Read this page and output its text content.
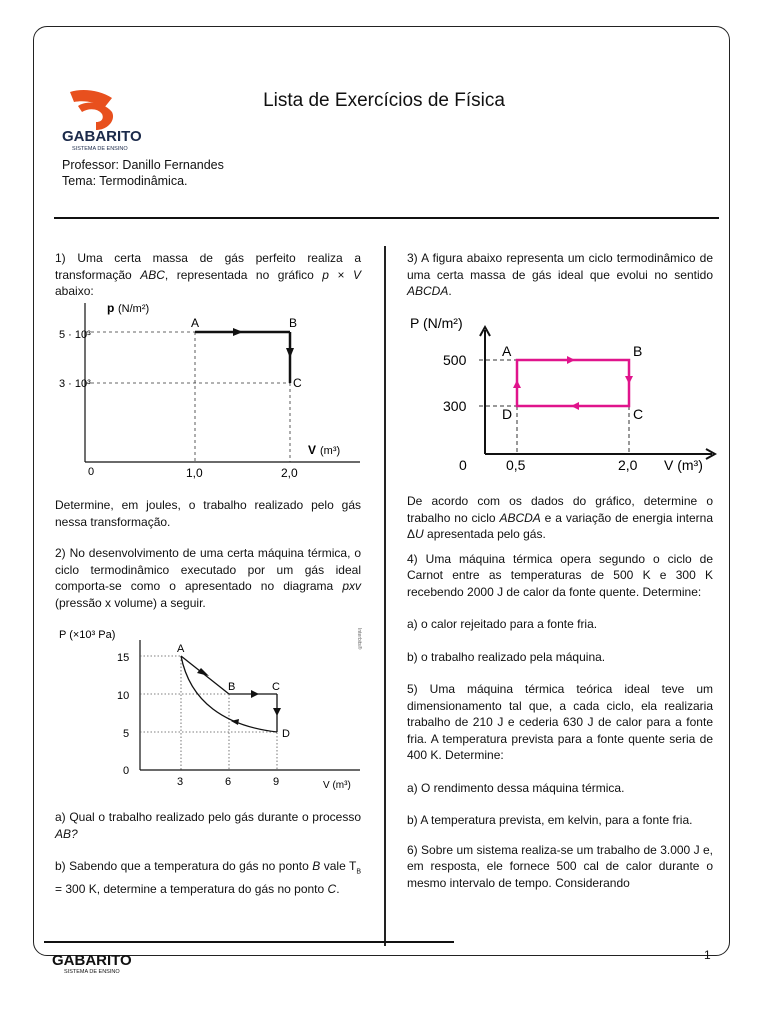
GABARITO
SISTEMA DE ENSINO
Lista de Exercícios de Física
Professor: Danillo Fernandes
Tema: Termodinâmica.

1) Uma certa massa de gás perfeito realiza a transformação ABC, representada no gráfico p × V abaixo:

5 · 10³
3 · 10³
p (N/m²)
V (m³)
0	1,0	2,0
A	B
C

Determine, em joules, o trabalho realizado pelo gás nessa transformação.

2) No desenvolvimento de uma certa máquina térmica, o ciclo termodinâmico executado por um gás ideal comporta-se como o apresentado no diagrama pxv (pressão x volume) a seguir.

P (×10³ Pa)
15
10
5
0
3	6	9	V (m³)
A
B	C
D
Interbits®

a) Qual o trabalho realizado pelo gás durante o processo AB?

b) Sabendo que a temperatura do gás no ponto B vale $T_B = 300$ K, determine a temperatura do gás no ponto C.

3) A figura abaixo representa um ciclo termodinâmico de uma certa massa de gás ideal que evolui no sentido ABCDA.

P (N/m²)
500
300
0	0,5	2,0 V (m³)
A	B
D	C

De acordo com os dados do gráfico, determine o trabalho no ciclo ABCDA e a variação de energia interna ΔU apresentada pelo gás.

4) Uma máquina térmica opera segundo o ciclo de Carnot entre as temperaturas de 500 K e 300 K recebendo 2000 J de calor da fonte quente. Determine:

a) o calor rejeitado para a fonte fria.

b) o trabalho realizado pela máquina.

5) Uma máquina térmica teórica ideal teve um dimensionamento tal que, a cada ciclo, ela realizaria trabalho de 210 J e cederia 630 J de calor para a fonte fria. A temperatura prevista para a fonte quente seria de 400 K. Determine:

a) O rendimento dessa máquina térmica.

b) A temperatura prevista, em kelvin, para a fonte fria.

6) Sobre um sistema realiza-se um trabalho de 3.000 J e, em resposta, ele fornece 500 cal de calor durante o mesmo intervalo de tempo. Considerando

GABARITO
SISTEMA DE ENSINO
1
